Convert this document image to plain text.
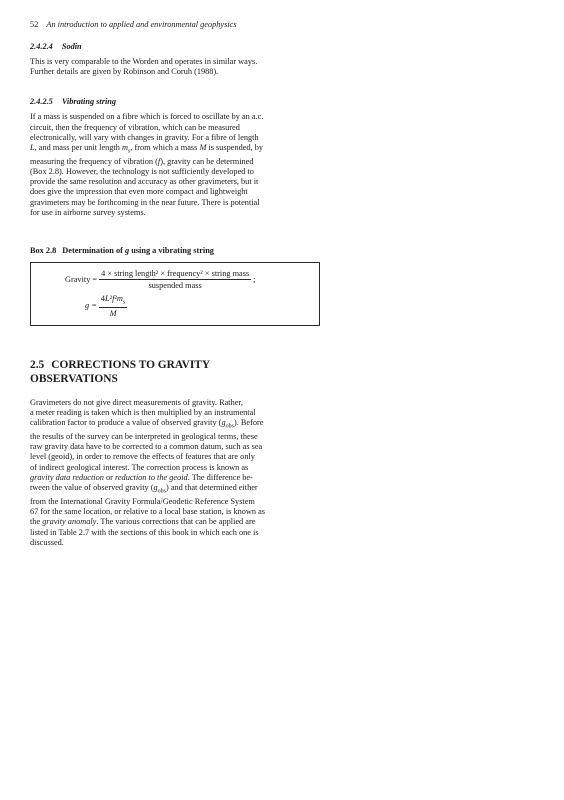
52 An introduction to applied and environmental geophysics
2.4.2.4 Sodin

This is very comparable to the Worden and operates in similar ways.
Further details are given by Robinson and Coruh (1988).

2.4.2.5 Vibrating string

If a mass is suspended on a fibre which is forced to oscillate by an a.c.
circuit, then the frequency of vibration, which can be measured
electronically, will vary with changes in gravity. For a fibre of length
L, and mass per unit length $m_s$, from which a mass M is suspended, by
measuring the frequency of vibration (f), gravity can be determined
(Box 2.8). However, the technology is not sufficiently developed to
provide the same resolution and accuracy as other gravimeters, but it
does give the impression that even more compact and lightweight
gravimeters may be forthcoming in the near future. There is potential
for use in airborne survey systems.

Box 2.8 Determination of g using a vibrating string
Gravity = $\frac{\text{4 × string length² × frequency² × string mass}}{\text{suspended mass}}$ ;
$g = \frac{4L^2f^2m_s}{M}$
2.5 CORRECTIONS TO GRAVITY
OBSERVATIONS

Gravimeters do not give direct measurements of gravity. Rather,
a meter reading is taken which is then multiplied by an instrumental
calibration factor to produce a value of observed gravity $(g_{obs})$. Before
the results of the survey can be interpreted in geological terms, these
raw gravity data have to be corrected to a common datum, such as sea
level (geoid), in order to remove the effects of features that are only
of indirect geological interest. The correction process is known as
gravity data reduction or reduction to the geoid. The difference be-
tween the value of observed gravity $(g_{obs})$ and that determined either
from the International Gravity Formula/Geodetic Reference System
67 for the same location, or relative to a local base station, is known as
the gravity anomaly. The various corrections that can be applied are
listed in Table 2.7 with the sections of this book in which each one is
discussed.
